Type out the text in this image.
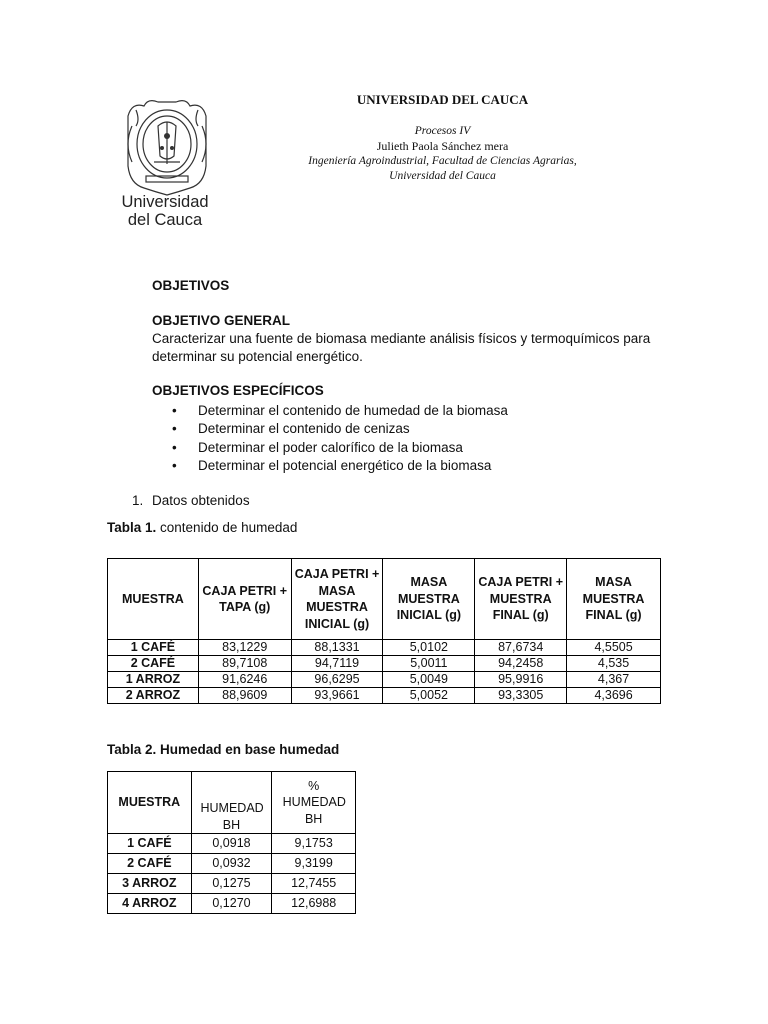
Universidad
del Cauca
UNIVERSIDAD DEL CAUCA
Procesos IV
Julieth Paola Sánchez mera
Ingeniería Agroindustrial, Facultad de Ciencias Agrarias,
Universidad del Cauca
OBJETIVOS
OBJETIVO GENERAL
Caracterizar una fuente de biomasa mediante análisis físicos y termoquímicos para determinar su potencial energético.
OBJETIVOS ESPECÍFICOS
• Determinar el contenido de humedad de la biomasa
• Determinar el contenido de cenizas
• Determinar el poder calorífico de la biomasa
• Determinar el potencial energético de la biomasa
1. Datos obtenidos
Tabla 1. contenido de humedad
MUESTRA	CAJA PETRI + TAPA (g)	CAJA PETRI + MASA MUESTRA INICIAL (g)	MASA MUESTRA INICIAL (g)	CAJA PETRI + MUESTRA FINAL (g)	MASA MUESTRA FINAL (g)
1 CAFÉ	83,1229	88,1331	5,0102	87,6734	4,5505
2 CAFÉ	89,7108	94,7119	5,0011	94,2458	4,535
1 ARROZ	91,6246	96,6295	5,0049	95,9916	4,367
2 ARROZ	88,9609	93,9661	5,0052	93,3305	4,3696
Tabla 2. Humedad en base humedad
MUESTRA	HUMEDAD BH	% HUMEDAD BH

1 CAFÉ	0,0918	9,1753
2 CAFÉ	0,0932	9,3199
3 ARROZ	0,1275	12,7455
4 ARROZ	0,1270	12,6988
